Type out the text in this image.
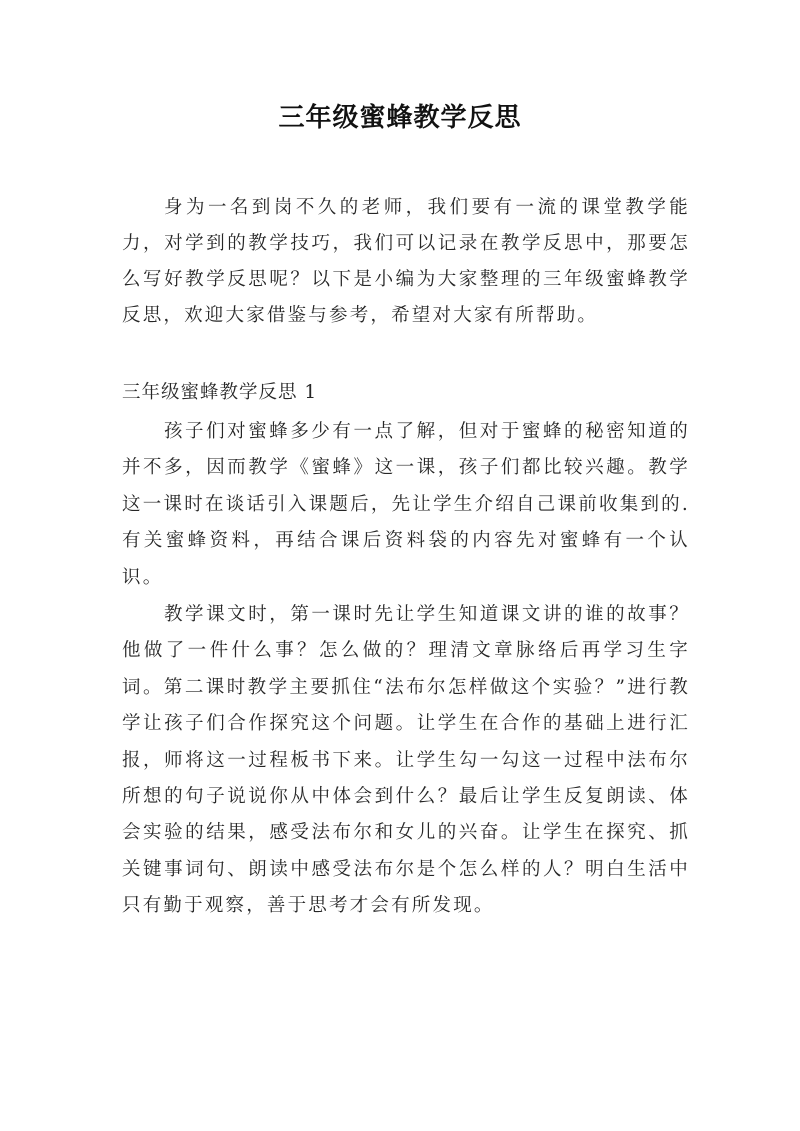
三年级蜜蜂教学反思
身为一名到岗不久的老师，我们要有一流的课堂教学能力，对学到的教学技巧，我们可以记录在教学反思中，那要怎么写好教学反思呢？以下是小编为大家整理的三年级蜜蜂教学反思，欢迎大家借鉴与参考，希望对大家有所帮助。
三年级蜜蜂教学反思 1
孩子们对蜜蜂多少有一点了解，但对于蜜蜂的秘密知道的并不多，因而教学《蜜蜂》这一课，孩子们都比较兴趣。教学这一课时在谈话引入课题后，先让学生介绍自己课前收集到的.有关蜜蜂资料，再结合课后资料袋的内容先对蜜蜂有一个认识。
教学课文时，第一课时先让学生知道课文讲的谁的故事？他做了一件什么事？怎么做的？理清文章脉络后再学习生字词。第二课时教学主要抓住“法布尔怎样做这个实验？”进行教学让孩子们合作探究这个问题。让学生在合作的基础上进行汇报，师将这一过程板书下来。让学生勾一勾这一过程中法布尔所想的句子说说你从中体会到什么？最后让学生反复朗读、体会实验的结果，感受法布尔和女儿的兴奋。让学生在探究、抓关键事词句、朗读中感受法布尔是个怎么样的人？明白生活中只有勤于观察，善于思考才会有所发现。
